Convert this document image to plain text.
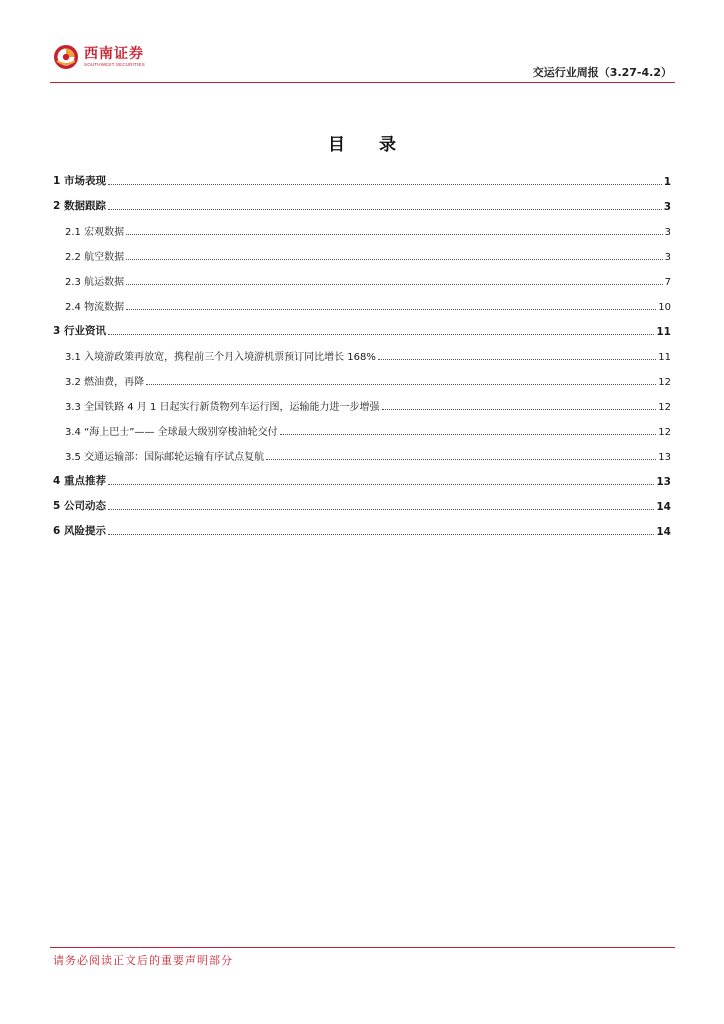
西南证券
SOUTHWEST SECURITIES
交运行业周报（3.27-4.2）
目 录
1 市场表现	1
2 数据跟踪	3
2.1 宏观数据	3
2.2 航空数据	3
2.3 航运数据	7
2.4 物流数据	10
3 行业资讯	11
3.1 入境游政策再放宽，携程前三个月入境游机票预订同比增长 168%	11
3.2 燃油费，再降	12
3.3 全国铁路 4 月 1 日起实行新货物列车运行图，运输能力进一步增强	12
3.4 “海上巴士”—— 全球最大级别穿梭油轮交付	12
3.5 交通运输部：国际邮轮运输有序试点复航	13
4 重点推荐	13
5 公司动态	14
6 风险提示	14
请务必阅读正文后的重要声明部分
